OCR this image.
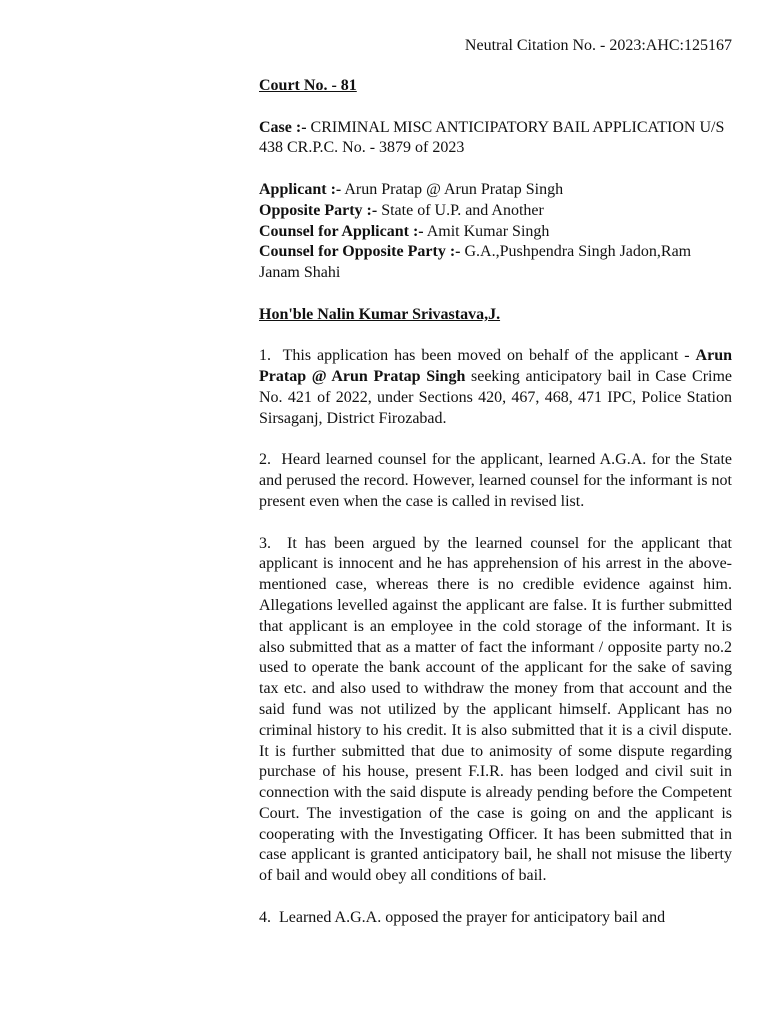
Neutral Citation No. - 2023:AHC:125167

Court No. - 81

Case :- CRIMINAL MISC ANTICIPATORY BAIL APPLICATION U/S 438 CR.P.C. No. - 3879 of 2023

Applicant :- Arun Pratap @ Arun Pratap Singh

Opposite Party :- State of U.P. and Another

Counsel for Applicant :- Amit Kumar Singh

Counsel for Opposite Party :- G.A.,Pushpendra Singh Jadon,Ram Janam Shahi

Hon'ble Nalin Kumar Srivastava,J.

1. This application has been moved on behalf of the applicant - Arun Pratap @ Arun Pratap Singh seeking anticipatory bail in Case Crime No. 421 of 2022, under Sections 420, 467, 468, 471 IPC, Police Station Sirsaganj, District Firozabad.

2. Heard learned counsel for the applicant, learned A.G.A. for the State and perused the record. However, learned counsel for the informant is not present even when the case is called in revised list.

3. It has been argued by the learned counsel for the applicant that applicant is innocent and he has apprehension of his arrest in the above-mentioned case, whereas there is no credible evidence against him. Allegations levelled against the applicant are false. It is further submitted that applicant is an employee in the cold storage of the informant. It is also submitted that as a matter of fact the informant / opposite party no.2 used to operate the bank account of the applicant for the sake of saving tax etc. and also used to withdraw the money from that account and the said fund was not utilized by the applicant himself. Applicant has no criminal history to his credit. It is also submitted that it is a civil dispute. It is further submitted that due to animosity of some dispute regarding purchase of his house, present F.I.R. has been lodged and civil suit in connection with the said dispute is already pending before the Competent Court. The investigation of the case is going on and the applicant is cooperating with the Investigating Officer. It has been submitted that in case applicant is granted anticipatory bail, he shall not misuse the liberty of bail and would obey all conditions of bail.

4. Learned A.G.A. opposed the prayer for anticipatory bail and
